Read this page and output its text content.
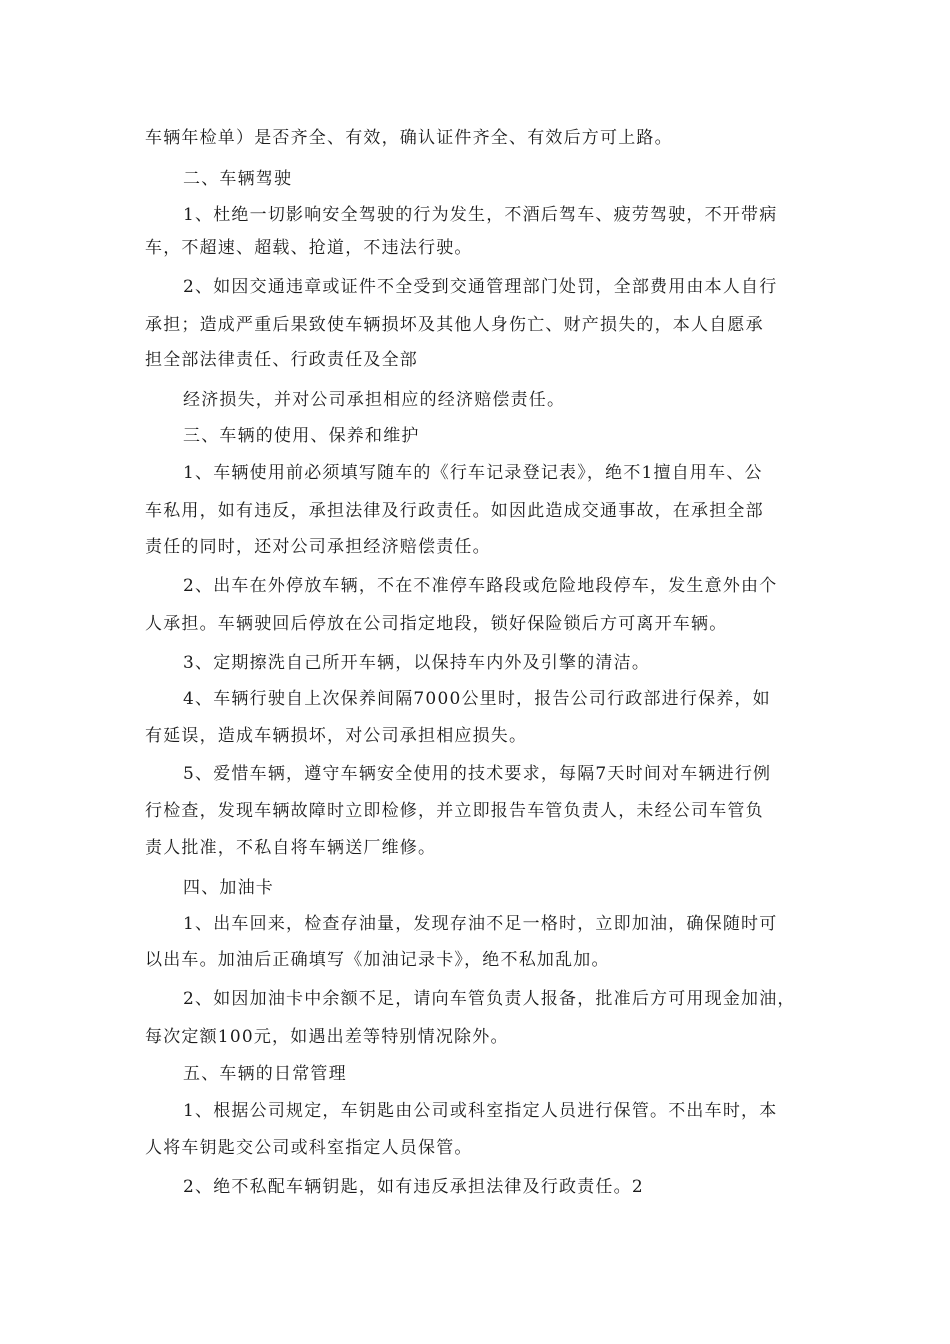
车辆年检单）是否齐全、有效，确认证件齐全、有效后方可上路。
二、车辆驾驶
1、杜绝一切影响安全驾驶的行为发生，不酒后驾车、疲劳驾驶，不开带病
车，不超速、超载、抢道，不违法行驶。
2、如因交通违章或证件不全受到交通管理部门处罚，全部费用由本人自行
承担；造成严重后果致使车辆损坏及其他人身伤亡、财产损失的，本人自愿承
担全部法律责任、行政责任及全部
经济损失，并对公司承担相应的经济赔偿责任。
三、车辆的使用、保养和维护
1、车辆使用前必须填写随车的《行车记录登记表》，绝不1擅自用车、公
车私用，如有违反，承担法律及行政责任。如因此造成交通事故，在承担全部
责任的同时，还对公司承担经济赔偿责任。
2、出车在外停放车辆，不在不准停车路段或危险地段停车，发生意外由个
人承担。车辆驶回后停放在公司指定地段，锁好保险锁后方可离开车辆。
3、定期擦洗自己所开车辆，以保持车内外及引擎的清洁。
4、车辆行驶自上次保养间隔7000公里时，报告公司行政部进行保养，如
有延误，造成车辆损坏，对公司承担相应损失。
5、爱惜车辆，遵守车辆安全使用的技术要求，每隔7天时间对车辆进行例
行检查，发现车辆故障时立即检修，并立即报告车管负责人，未经公司车管负
责人批准，不私自将车辆送厂维修。
四、加油卡
1、出车回来，检查存油量，发现存油不足一格时，立即加油，确保随时可
以出车。加油后正确填写《加油记录卡》，绝不私加乱加。
2、如因加油卡中余额不足，请向车管负责人报备，批准后方可用现金加油，
每次定额100元，如遇出差等特别情况除外。
五、车辆的日常管理
1、根据公司规定，车钥匙由公司或科室指定人员进行保管。不出车时，本
人将车钥匙交公司或科室指定人员保管。
2、绝不私配车辆钥匙，如有违反承担法律及行政责任。2
